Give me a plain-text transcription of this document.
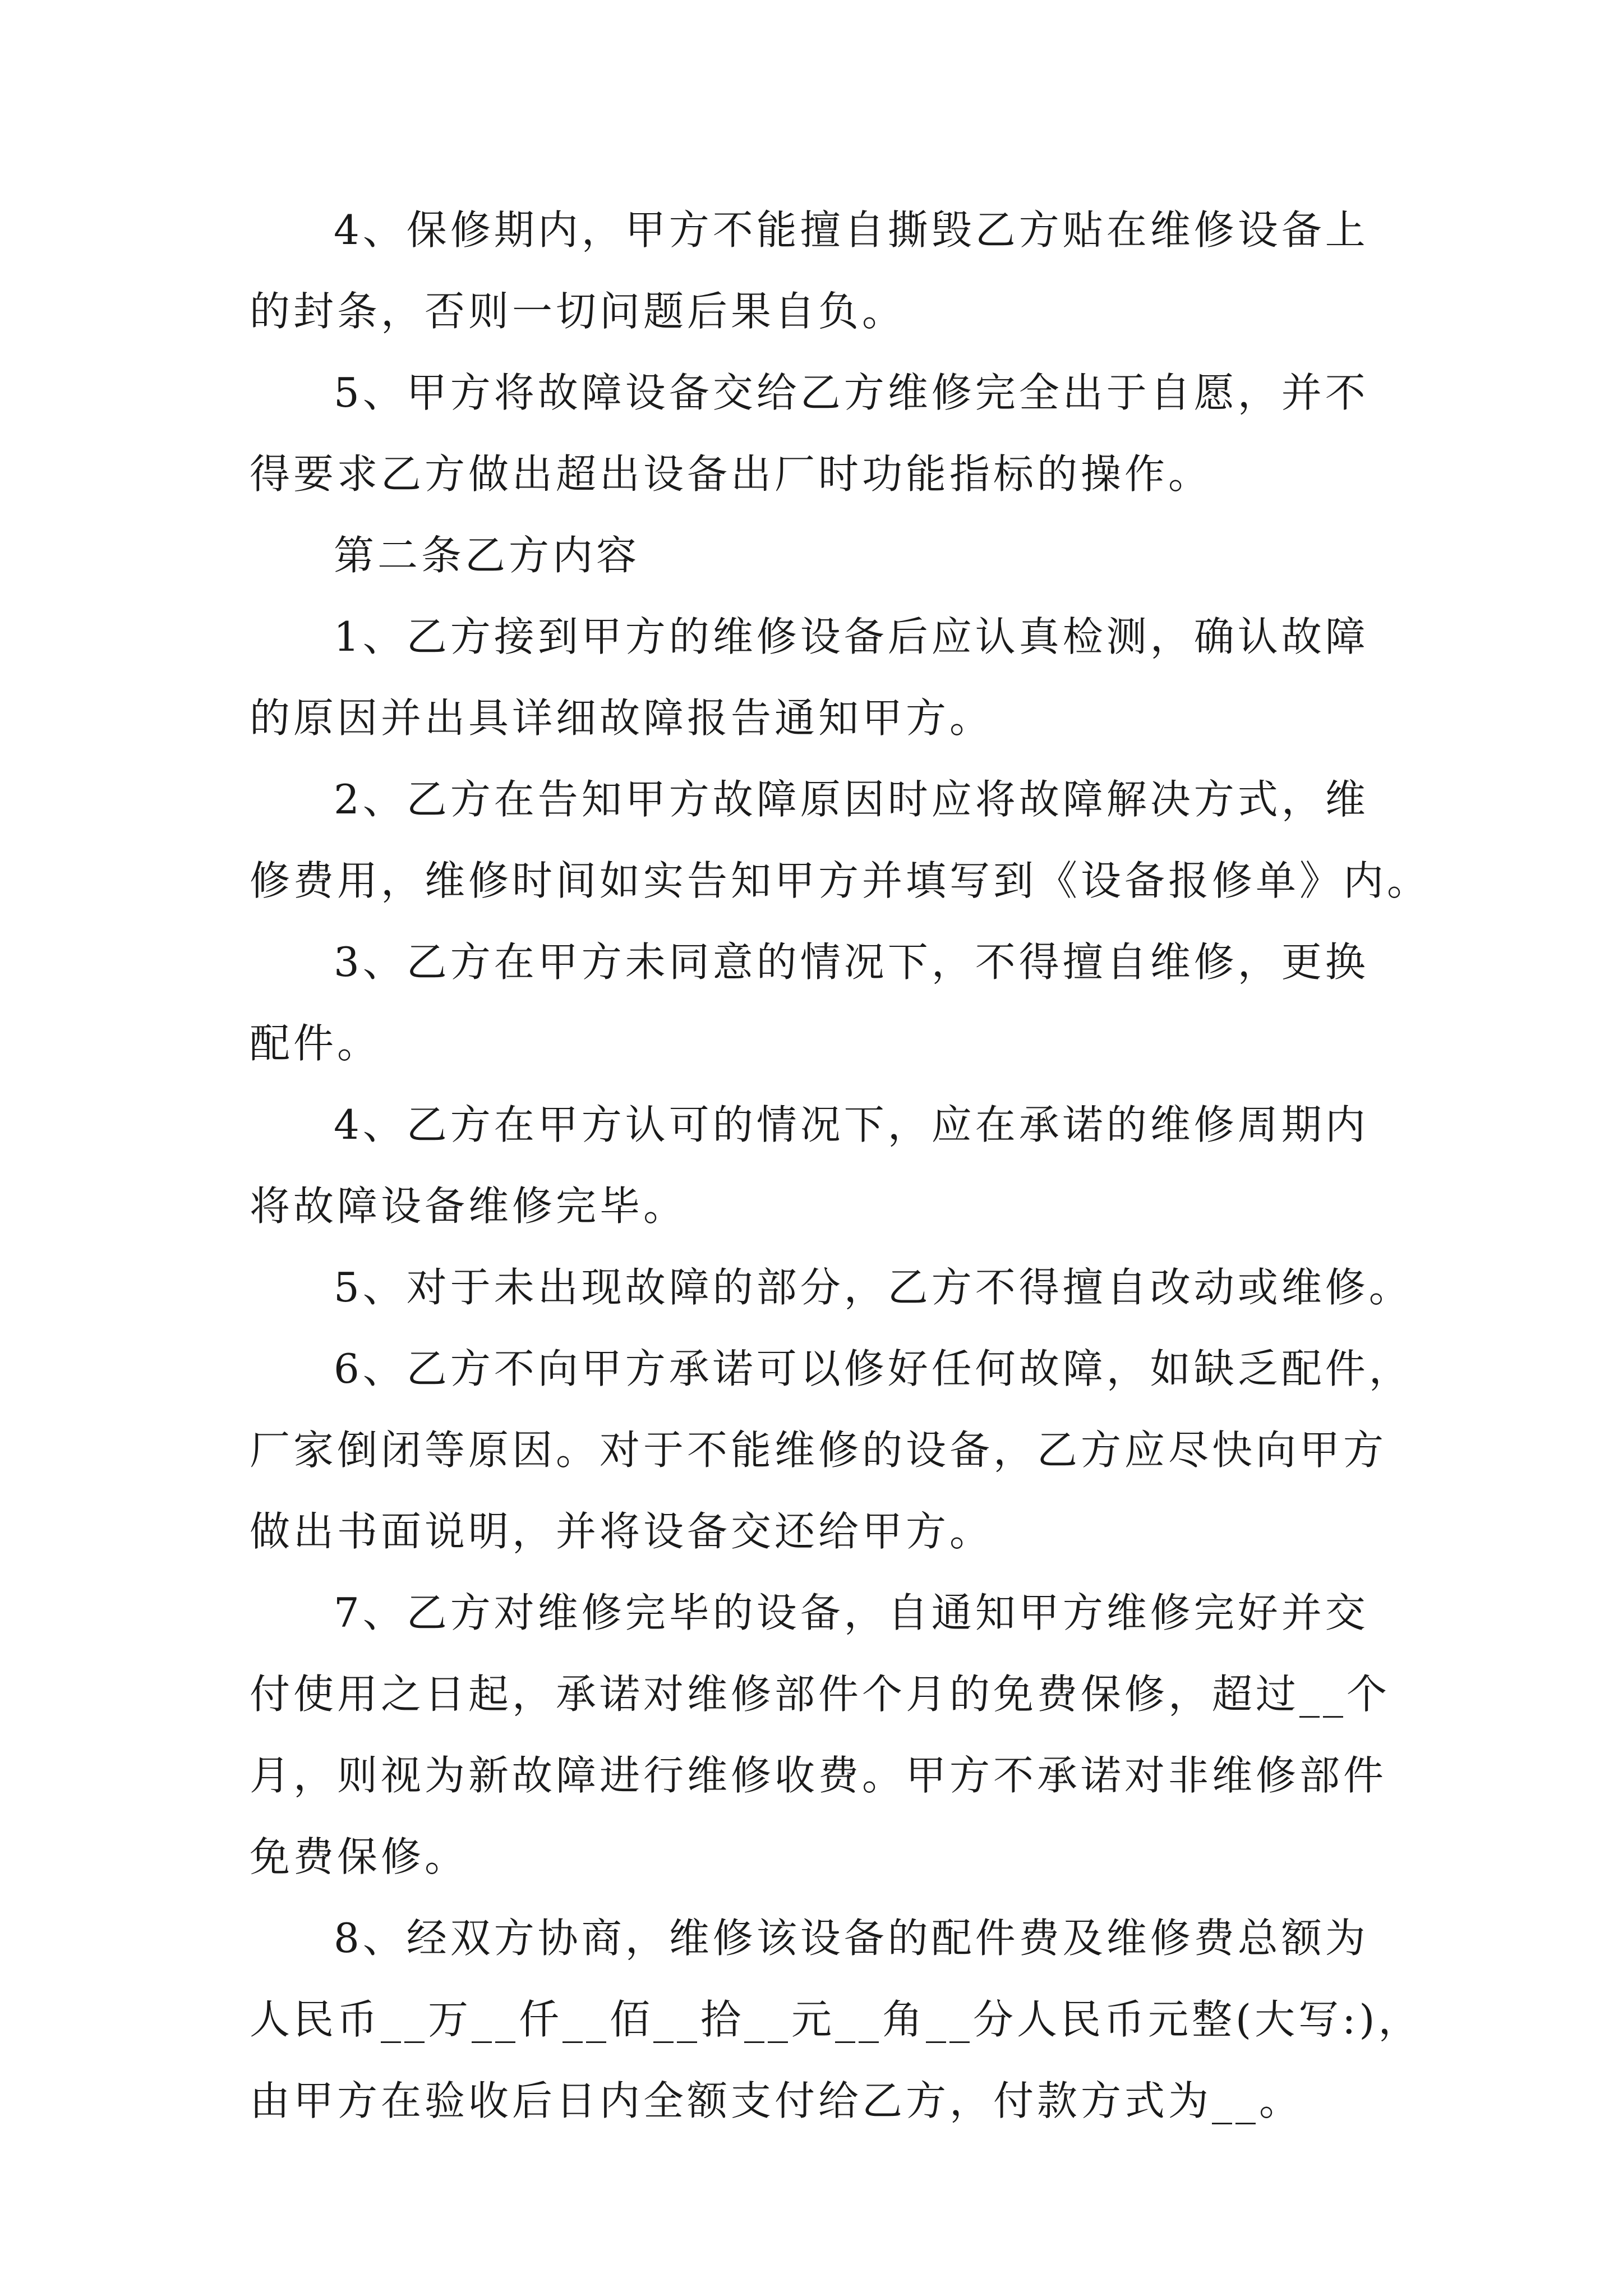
4、保修期内，甲方不能擅自撕毁乙方贴在维修设备上
的封条，否则一切问题后果自负。
5、甲方将故障设备交给乙方维修完全出于自愿，并不
得要求乙方做出超出设备出厂时功能指标的操作。
第二条乙方内容
1、乙方接到甲方的维修设备后应认真检测，确认故障
的原因并出具详细故障报告通知甲方。
2、乙方在告知甲方故障原因时应将故障解决方式，维
修费用，维修时间如实告知甲方并填写到《设备报修单》内。
3、乙方在甲方未同意的情况下，不得擅自维修，更换
配件。
4、乙方在甲方认可的情况下，应在承诺的维修周期内
将故障设备维修完毕。
5、对于未出现故障的部分，乙方不得擅自改动或维修。
6、乙方不向甲方承诺可以修好任何故障，如缺乏配件，
厂家倒闭等原因。对于不能维修的设备，乙方应尽快向甲方
做出书面说明，并将设备交还给甲方。
7、乙方对维修完毕的设备，自通知甲方维修完好并交
付使用之日起，承诺对维修部件个月的免费保修，超过__个
月，则视为新故障进行维修收费。甲方不承诺对非维修部件
免费保修。
8、经双方协商，维修该设备的配件费及维修费总额为
人民币__万__仟__佰__拾__元__角__分人民币元整(大写:)，
由甲方在验收后日内全额支付给乙方，付款方式为__。
